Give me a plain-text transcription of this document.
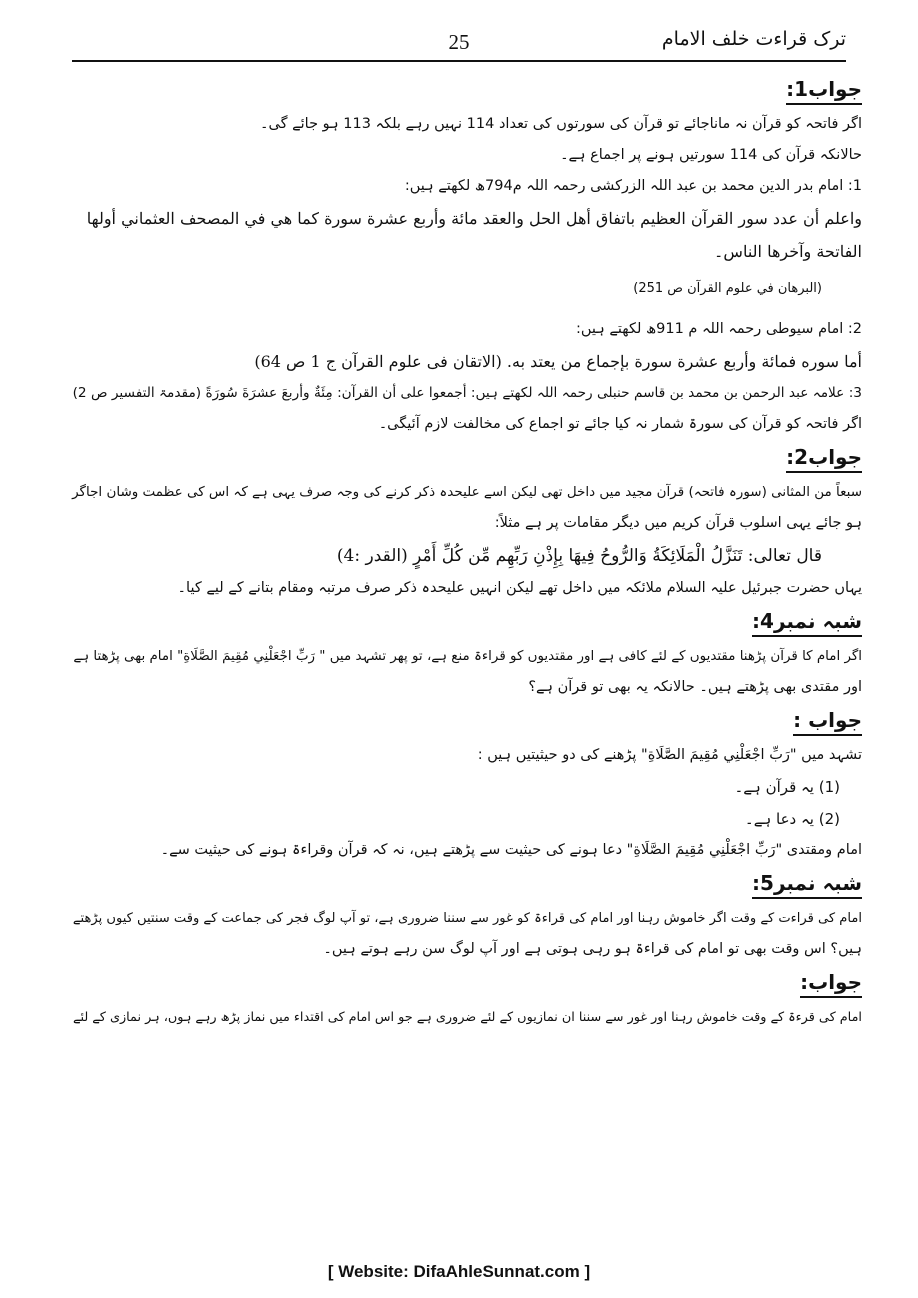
ترک قراءت خلف الامام
25
جواب1:

اگر فاتحہ کو قرآن نہ ماناجائے تو قرآن کی سورتوں کی تعداد 114 نہیں رہے بلکہ 113 ہو جائے گی۔

حالانکہ قرآن کی 114 سورتیں ہونے پر اجماع ہے۔

1: امام بدر الدین محمد بن عبد اللہ الزرکشی رحمہ اللہ م794ھ لکھتے ہیں:

واعلم أن عدد سور القرآن العظيم باتفاق أهل الحل والعقد مائة وأربع عشرة سورة كما هي في المصحف العثماني أولها

الفاتحة وآخرها الناس۔

(البرهان في علوم القرآن ص 251)

2: امام سیوطی رحمہ اللہ م 911ھ لکھتے ہیں:

أما سوره فمائة وأربع عشرة سورة بإجماع من يعتد به. (الاتقان فی علوم القرآن ج 1 ص 64)

3: علامہ عبد الرحمن بن محمد بن قاسم حنبلی رحمہ اللہ لکھتے ہیں: أجمعوا على أن القرآن: مِئَةٌ وأربعَ عشرَةَ سُورَةً (مقدمۃ التفسیر ص 2)

اگر فاتحہ کو قرآن کی سورۃ شمار نہ کیا جائے تو اجماع کی مخالفت لازم آئیگی۔

جواب2:

سبعاً من المثانی (سورہ فاتحہ) قرآن مجید میں داخل تھی لیکن اسے علیحدہ ذکر کرنے کی وجہ صرف یہی ہے کہ اس کی عظمت وشان اجاگر

ہو جائے یہی اسلوب قرآن کریم میں دیگر مقامات پر ہے مثلاً:

قال تعالی: تَنَزَّلُ الْمَلَائِكَةُ وَالرُّوحُ فِيهَا بِإِذْنِ رَبِّهِم مِّن كُلِّ أَمْرٍ (القدر :4)

یہاں حضرت جبرئیل علیہ السلام ملائکہ میں داخل تھے لیکن انہیں علیحدہ ذکر صرف مرتبہ ومقام بتانے کے لیے کیا۔

شبہ نمبر4:

اگر امام کا قرآن پڑھنا مقتدیوں کے لئے کافی ہے اور مقتدیوں کو قراءۃ منع ہے، تو پھر تشہد میں " رَبِّ اجْعَلْنِي مُقِيمَ الصَّلَاةِ" امام بھی پڑھتا ہے

اور مقتدی بھی پڑھتے ہیں۔ حالانکہ یہ بھی تو قرآن ہے؟

جواب :

تشہد میں "رَبِّ اجْعَلْنِي مُقِيمَ الصَّلَاةِ" پڑھنے کی دو حیثیتیں ہیں :

(1) یہ قرآن ہے۔

(2) یہ دعا ہے۔

امام ومقتدی "رَبِّ اجْعَلْنِي مُقِيمَ الصَّلَاةِ" دعا ہونے کی حیثیت سے پڑھتے ہیں، نہ کہ قرآن وقراءۃ ہونے کی حیثیت سے۔

شبہ نمبر5:

امام کی قراءت کے وقت اگر خاموش رہنا اور امام کی قراءۃ کو غور سے سننا ضروری ہے، تو آپ لوگ فجر کی جماعت کے وقت سنتیں کیوں پڑھتے

ہیں؟ اس وقت بھی تو امام کی قراءۃ ہو رہی ہوتی ہے اور آپ لوگ سن رہے ہوتے ہیں۔

جواب:

امام کی قرءۃ کے وقت خاموش رہنا اور غور سے سننا ان نمازیوں کے لئے ضروری ہے جو اس امام کی اقتداء میں نماز پڑھ رہے ہوں، ہر نمازی کے لئے

[ Website: DifaAhleSunnat.com ]
